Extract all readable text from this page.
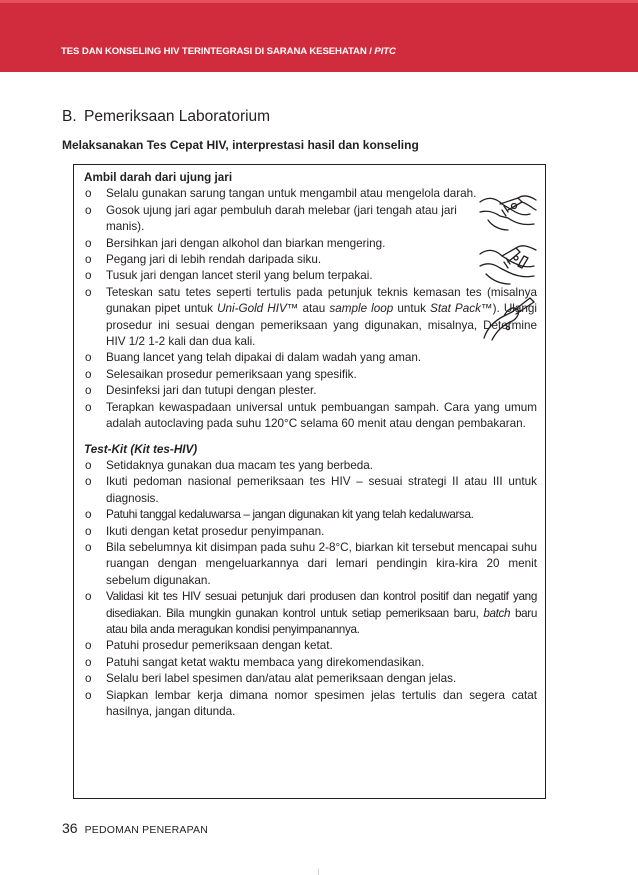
TES DAN KONSELING HIV TERINTEGRASI DI SARANA KESEHATAN / PITC
B. Pemeriksaan Laboratorium
Melaksanakan Tes Cepat HIV, interprestasi hasil dan konseling

Ambil darah dari ujung jari

o Selalu gunakan sarung tangan untuk mengambil atau mengelola darah.
o Gosok ujung jari agar pembuluh darah melebar (jari tengah atau jari manis).
o Bersihkan jari dengan alkohol dan biarkan mengering.
o Pegang jari di lebih rendah daripada siku.
o Tusuk jari dengan lancet steril yang belum terpakai.
o Teteskan satu tetes seperti tertulis pada petunjuk teknis kemasan tes (misalnya gunakan pipet untuk Uni-Gold HIV™ atau sample loop untuk Stat Pack™). Ulangi prosedur ini sesuai dengan pemeriksaan yang digunakan, misalnya, Determine HIV 1/2 1-2 kali dan dua kali.
o Buang lancet yang telah dipakai di dalam wadah yang aman.
o Selesaikan prosedur pemeriksaan yang spesifik.
o Desinfeksi jari dan tutupi dengan plester.
o Terapkan kewaspadaan universal untuk pembuangan sampah. Cara yang umum adalah autoclaving pada suhu 120°C selama 60 menit atau dengan pembakaran.

Test-Kit (Kit tes-HIV)

o Setidaknya gunakan dua macam tes yang berbeda.
o Ikuti pedoman nasional pemeriksaan tes HIV – sesuai strategi II atau III untuk diagnosis.
o Patuhi tanggal kedaluwarsa – jangan digunakan kit yang telah kedaluwarsa.
o Ikuti dengan ketat prosedur penyimpanan.
o Bila sebelumnya kit disimpan pada suhu 2-8°C, biarkan kit tersebut mencapai suhu ruangan dengan mengeluarkannya dari lemari pendingin kira-kira 20 menit sebelum digunakan.
o Validasi kit tes HIV sesuai petunjuk dari produsen dan kontrol positif dan negatif yang disediakan. Bila mungkin gunakan kontrol untuk setiap pemeriksaan baru, batch baru atau bila anda meragukan kondisi penyimpanannya.
o Patuhi prosedur pemeriksaan dengan ketat.
o Patuhi sangat ketat waktu membaca yang direkomendasikan.
o Selalu beri label spesimen dan/atau alat pemeriksaan dengan jelas.
o Siapkan lembar kerja dimana nomor spesimen jelas tertulis dan segera catat hasilnya, jangan ditunda.
36 PEDOMAN PENERAPAN
